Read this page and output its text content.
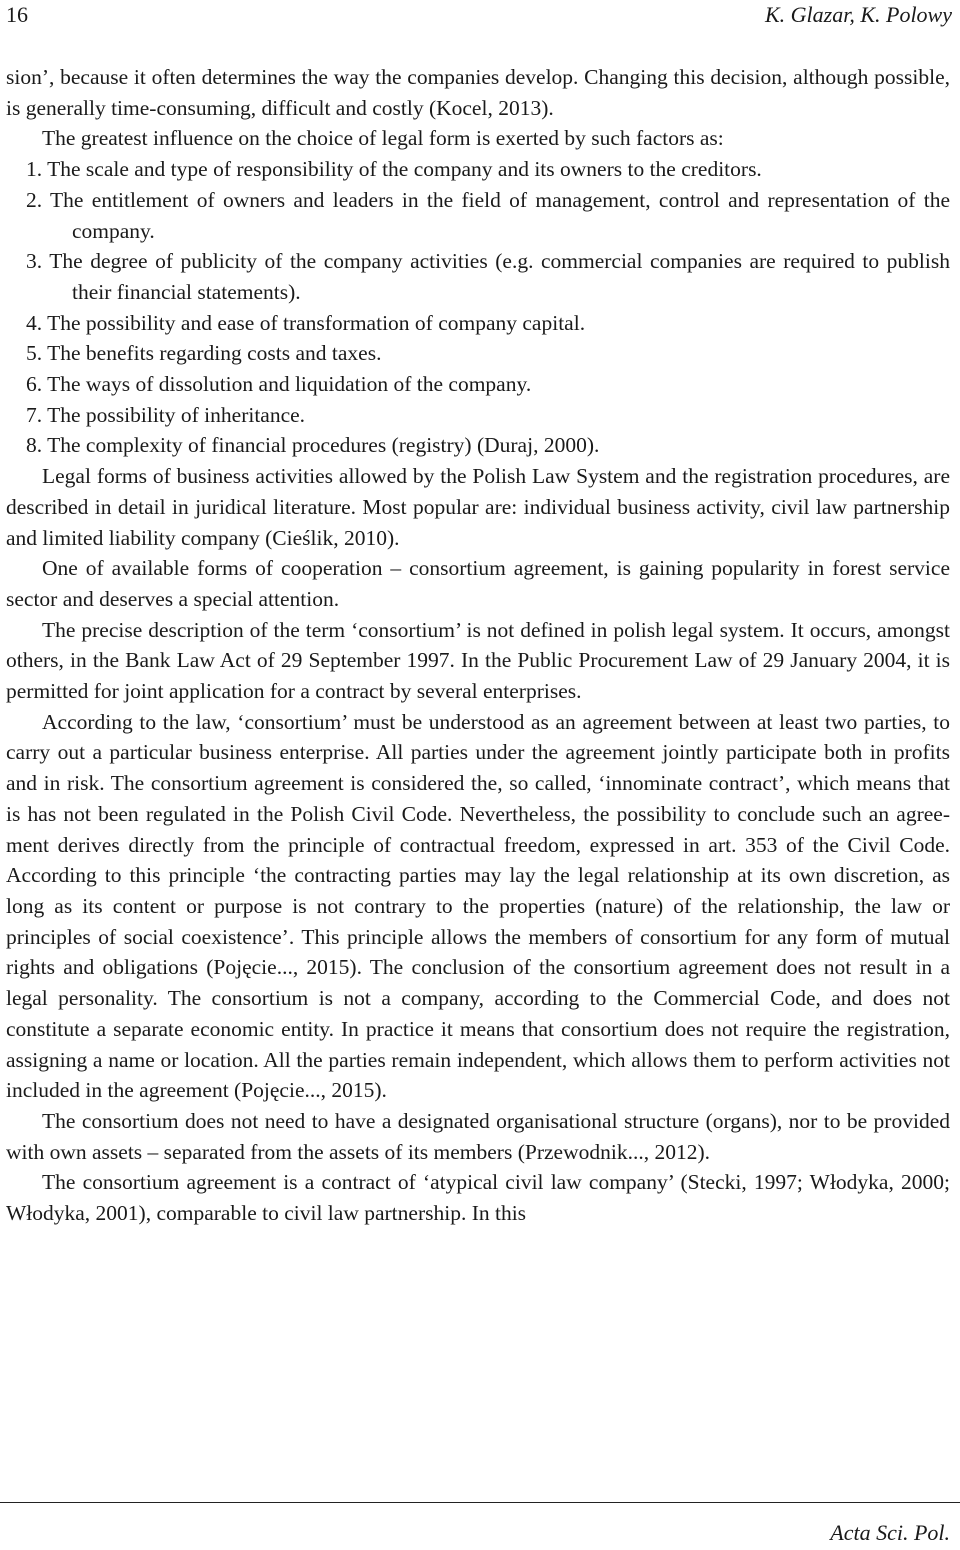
16	K. Glazar, K. Polowy

sion’, because it often determines the way the companies develop. Changing this decision, although possible, is generally time-consuming, difficult and costly (Kocel, 2013).

The greatest influence on the choice of legal form is exerted by such factors as:

1. The scale and type of responsibility of the company and its owners to the creditors.
2. The entitlement of owners and leaders in the field of management, control and representation of the company.
3. The degree of publicity of the company activities (e.g. commercial companies are required to publish their financial statements).
4. The possibility and ease of transformation of company capital.
5. The benefits regarding costs and taxes.
6. The ways of dissolution and liquidation of the company.
7. The possibility of inheritance.
8. The complexity of financial procedures (registry) (Duraj, 2000).

Legal forms of business activities allowed by the Polish Law System and the registration procedures, are described in detail in juridical literature. Most popular are: individual business activity, civil law partnership and limited liability company (Cieślik, 2010).

One of available forms of cooperation – consortium agreement, is gaining popularity in forest service sector and deserves a special attention.

The precise description of the term ‘consortium’ is not defined in polish legal system. It occurs, amongst others, in the Bank Law Act of 29 September 1997. In the Public Procurement Law of 29 January 2004, it is permitted for joint application for a contract by several enterprises.

According to the law, ‘consortium’ must be understood as an agreement between at least two parties, to carry out a particular business enterprise. All parties under the agreement jointly participate both in profits and in risk. The consortium agreement is considered the, so called, ‘innominate contract’, which means that is has not been regulated in the Polish Civil Code. Nevertheless, the possibility to conclude such an agreement derives directly from the principle of contractual freedom, expressed in art. 353 of the Civil Code. According to this principle ‘the contracting parties may lay the legal relationship at its own discretion, as long as its content or purpose is not contrary to the properties (nature) of the relationship, the law or principles of social coexistence’. This principle allows the members of consortium for any form of mutual rights and obligations (Pojęcie..., 2015). The conclusion of the consortium agreement does not result in a legal personality. The consortium is not a company, according to the Commercial Code, and does not constitute a separate economic entity. In practice it means that consortium does not require the registration, assigning a name or location. All the parties remain independent, which allows them to perform activities not included in the agreement (Pojęcie..., 2015).

The consortium does not need to have a designated organisational structure (organs), nor to be provided with own assets – separated from the assets of its members (Przewodnik..., 2012).

The consortium agreement is a contract of ‘atypical civil law company’ (Stecki, 1997; Włodyka, 2000; Włodyka, 2001), comparable to civil law partnership. In this

Acta Sci. Pol.
